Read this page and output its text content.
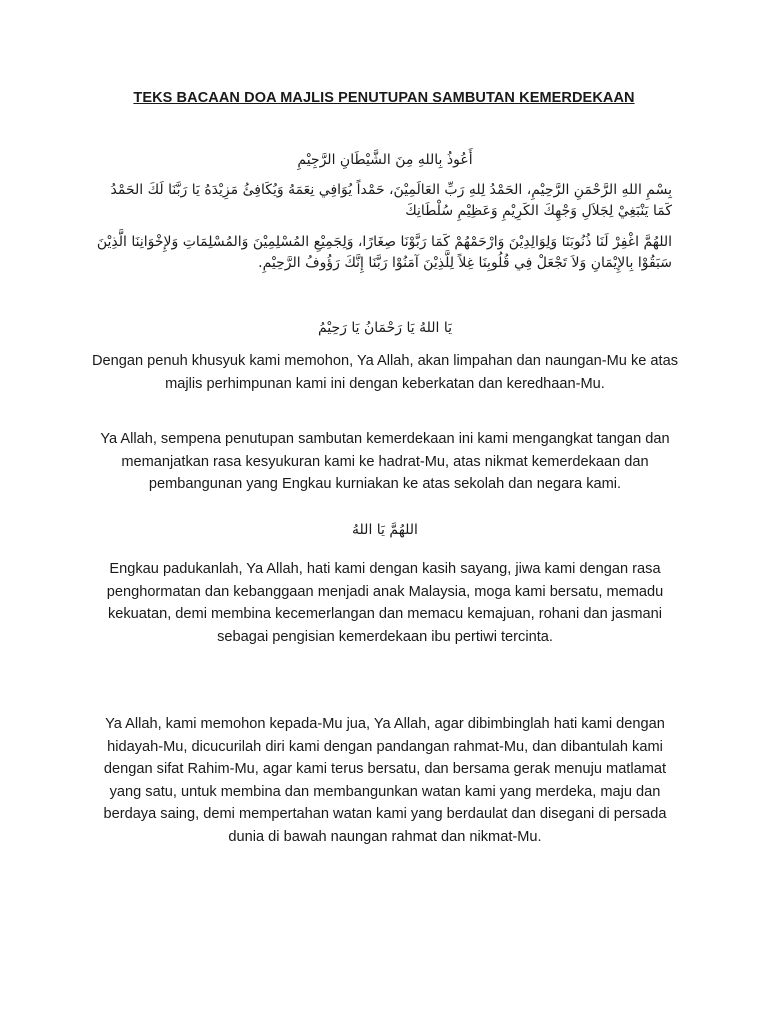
TEKS BACAAN DOA MAJLIS PENUTUPAN SAMBUTAN KEMERDEKAAN
أَعُوذُ بِاللهِ مِنَ الشَّيْطَانِ الرَّجِيْمِ
بِسْمِ اللهِ الرَّحْمَنِ الرَّحِيْمِ، الحَمْدُ لِلهِ رَبِّ العَالَمِيْنَ، حَمْداً يُوَافِي نِعَمَهُ وَيُكَافِئُ مَزِيْدَهُ يَا رَبَّنَا لَكَ الحَمْدُ كَمَا يَنْبَغِيْ لِجَلاَلِ وَجْهِكَ الكَرِيْمِ وَعَظِيْمِ سُلْطَانِكَ
اللهُمَّ اغْفِرْ لَنَا ذُنُوبَنَا وَلِوَالِدِيْنَ وَارْحَمْهُمْ كَمَا رَبَّوْنَا صِغَارًا، وَلِجَمِيْعِ المُسْلِمِيْنَ وَالمُسْلِمَاتِ وَلإِخْوَانِنَا الَّذِيْنَ سَبَقُوْا بِالإِيْمَانِ وَلاَ تَجْعَلْ فِي قُلُوبِنَا غِلاً لِلَّذِيْنَ آمَنُوْا رَبَّنَا إِنَّكَ رَؤُوفُ الرَّحِيْمِ.
يَا اللهُ يَا رَحْمَانُ يَا رَحِيْمُ
Dengan penuh khusyuk kami memohon, Ya Allah, akan limpahan dan naungan-Mu ke atas majlis perhimpunan kami ini dengan keberkatan dan keredhaan-Mu.
Ya Allah, sempena penutupan sambutan kemerdekaan ini kami mengangkat tangan dan memanjatkan rasa kesyukuran kami ke hadrat-Mu, atas nikmat kemerdekaan dan pembangunan yang Engkau kurniakan ke atas sekolah dan negara kami.
اللهُمَّ يَا اللهُ
Engkau padukanlah, Ya Allah, hati kami dengan kasih sayang, jiwa kami dengan rasa penghormatan dan kebanggaan menjadi anak Malaysia, moga kami bersatu, memadu kekuatan, demi membina kecemerlangan dan memacu kemajuan, rohani dan jasmani sebagai pengisian kemerdekaan ibu pertiwi tercinta.
Ya Allah, kami memohon kepada-Mu jua, Ya Allah, agar dibimbinglah hati kami dengan hidayah-Mu, dicucurilah diri kami dengan pandangan rahmat-Mu, dan dibantulah kami dengan sifat Rahim-Mu, agar kami terus bersatu, dan bersama gerak menuju matlamat yang satu, untuk membina dan membangunkan watan kami yang merdeka, maju dan berdaya saing, demi mempertahan watan kami yang berdaulat dan disegani di persada dunia di bawah naungan rahmat dan nikmat-Mu.
